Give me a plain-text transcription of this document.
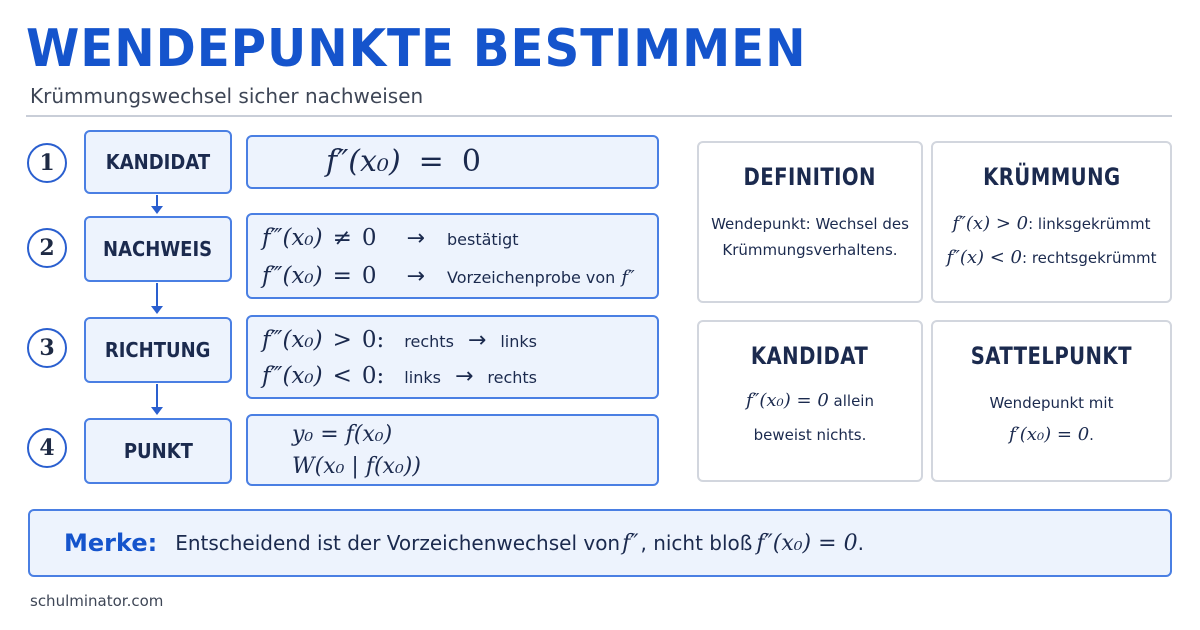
WENDEPUNKTE BESTIMMEN
Krümmungswechsel sicher nachweisen
1
2
3
4
KANDIDAT
NACHWEIS
RICHTUNG
PUNKT
f″(x₀) = 0
f‴(x₀) ≠ 0 → bestätigt
f‴(x₀) = 0 → Vorzeichenprobe von f″
f‴(x₀) > 0: rechts → links
f‴(x₀) < 0: links → rechts
y₀ = f(x₀)
W(x₀ | f(x₀))
DEFINITION
Wendepunkt: Wechsel des
Krümmungsverhaltens.
KRÜMMUNG
f″(x) > 0: linksgekrümmt
f″(x) < 0: rechtsgekrümmt
KANDIDAT
f″(x₀) = 0 allein
beweist nichts.
SATTELPUNKT
Wendepunkt mit
f′(x₀) = 0.
Merke: Entscheidend ist der Vorzeichenwechsel von f″ , nicht bloß f″(x₀) = 0 .
schulminator.com
